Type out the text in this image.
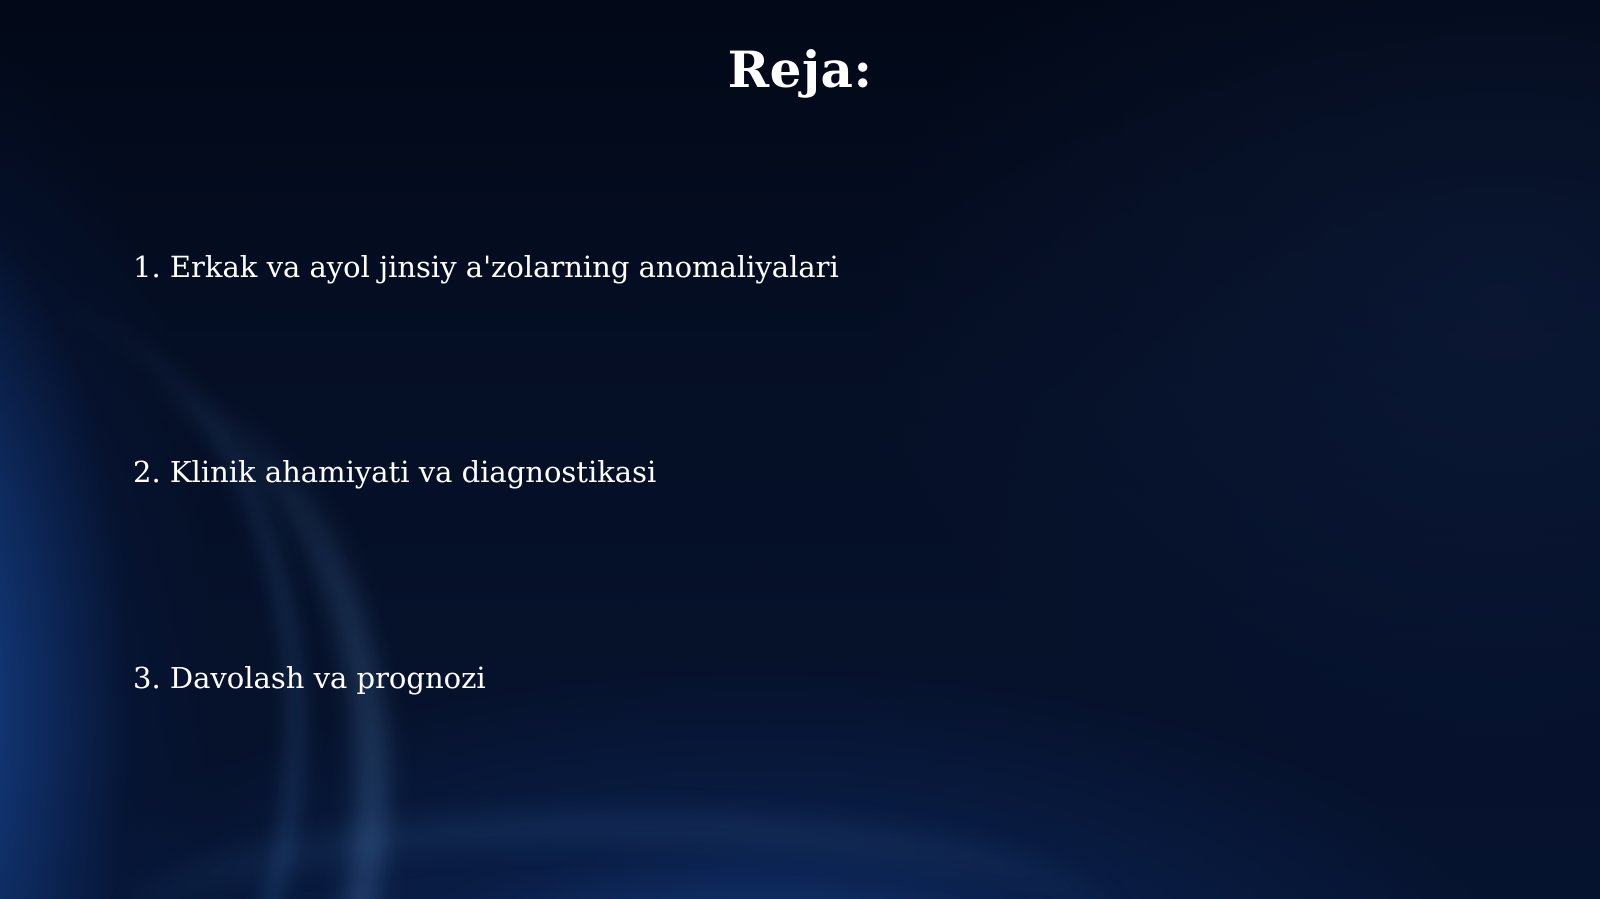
Reja:
1. Erkak va ayol jinsiy a'zolarning anomaliyalari
2. Klinik ahamiyati va diagnostikasi
3. Davolash va prognozi
